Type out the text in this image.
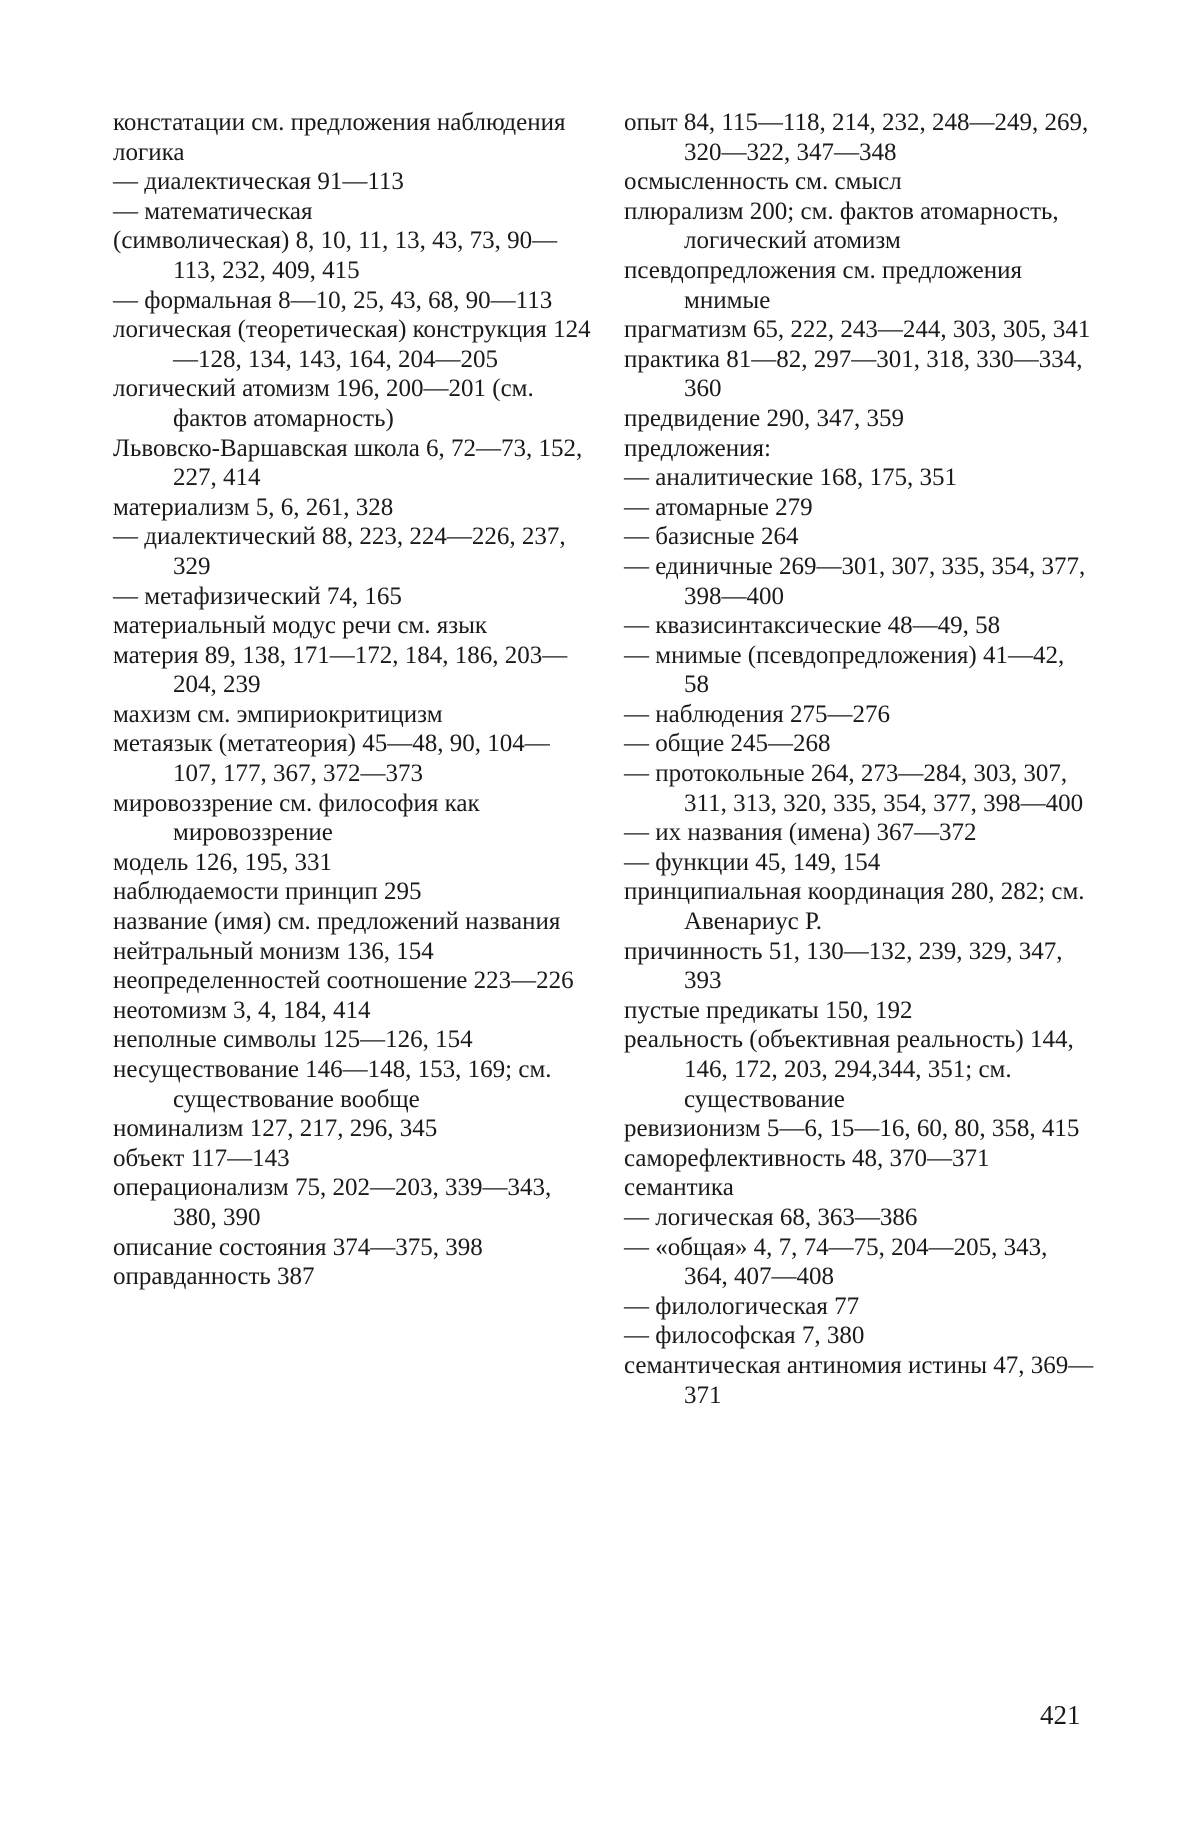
констатации см. предложения наблюдения

логика

— диалектическая 91—113

— математическая

(символическая) 8, 10, 11, 13, 43, 73, 90—113, 232, 409, 415

— формальная 8—10, 25, 43, 68, 90—113

логическая (теоретическая) конструкция 124—128, 134, 143, 164, 204—205

логический атомизм 196, 200—201 (см. фактов атомарность)

Львовско-Варшавская школа 6, 72—73, 152, 227, 414

материализм 5, 6, 261, 328

— диалектический 88, 223, 224—226, 237, 329

— метафизический 74, 165

материальный модус речи см. язык

материя 89, 138, 171—172, 184, 186, 203—204, 239

махизм см. эмпириокритицизм

метаязык (метатеория) 45—48, 90, 104—107, 177, 367, 372—373

мировоззрение см. философия как мировоззрение

модель 126, 195, 331

наблюдаемости принцип 295

название (имя) см. предложений названия

нейтральный монизм 136, 154

неопределенностей соотношение 223—226

неотомизм 3, 4, 184, 414

неполные символы 125—126, 154

несуществование 146—148, 153, 169; см. существование вообще

номинализм 127, 217, 296, 345

объект 117—143

операционализм 75, 202—203, 339—343, 380, 390

описание состояния 374—375, 398

оправданность 387

опыт 84, 115—118, 214, 232, 248—249, 269, 320—322, 347—348

осмысленность см. смысл

плюрализм 200; см. фактов атомарность, логический атомизм

псевдопредложения см. предложения мнимые

прагматизм 65, 222, 243—244, 303, 305, 341

практика 81—82, 297—301, 318, 330—334, 360

предвидение 290, 347, 359

предложения:

— аналитические 168, 175, 351

— атомарные 279

— базисные 264

— единичные 269—301, 307, 335, 354, 377, 398—400

— квазисинтаксические 48—49, 58

— мнимые (псевдопредложения) 41—42, 58

— наблюдения 275—276

— общие 245—268

— протокольные 264, 273—284, 303, 307, 311, 313, 320, 335, 354, 377, 398—400

— их названия (имена) 367—372

— функции 45, 149, 154

принципиальная координация 280, 282; см. Авенариус Р.

причинность 51, 130—132, 239, 329, 347, 393

пустые предикаты 150, 192

реальность (объективная реальность) 144, 146, 172, 203, 294,344, 351; см. существование

ревизионизм 5—6, 15—16, 60, 80, 358, 415

саморефлективность 48, 370—371

семантика

— логическая 68, 363—386

— «общая» 4, 7, 74—75, 204—205, 343, 364, 407—408

— филологическая 77

— философская 7, 380

семантическая антиномия истины 47, 369—371

421
